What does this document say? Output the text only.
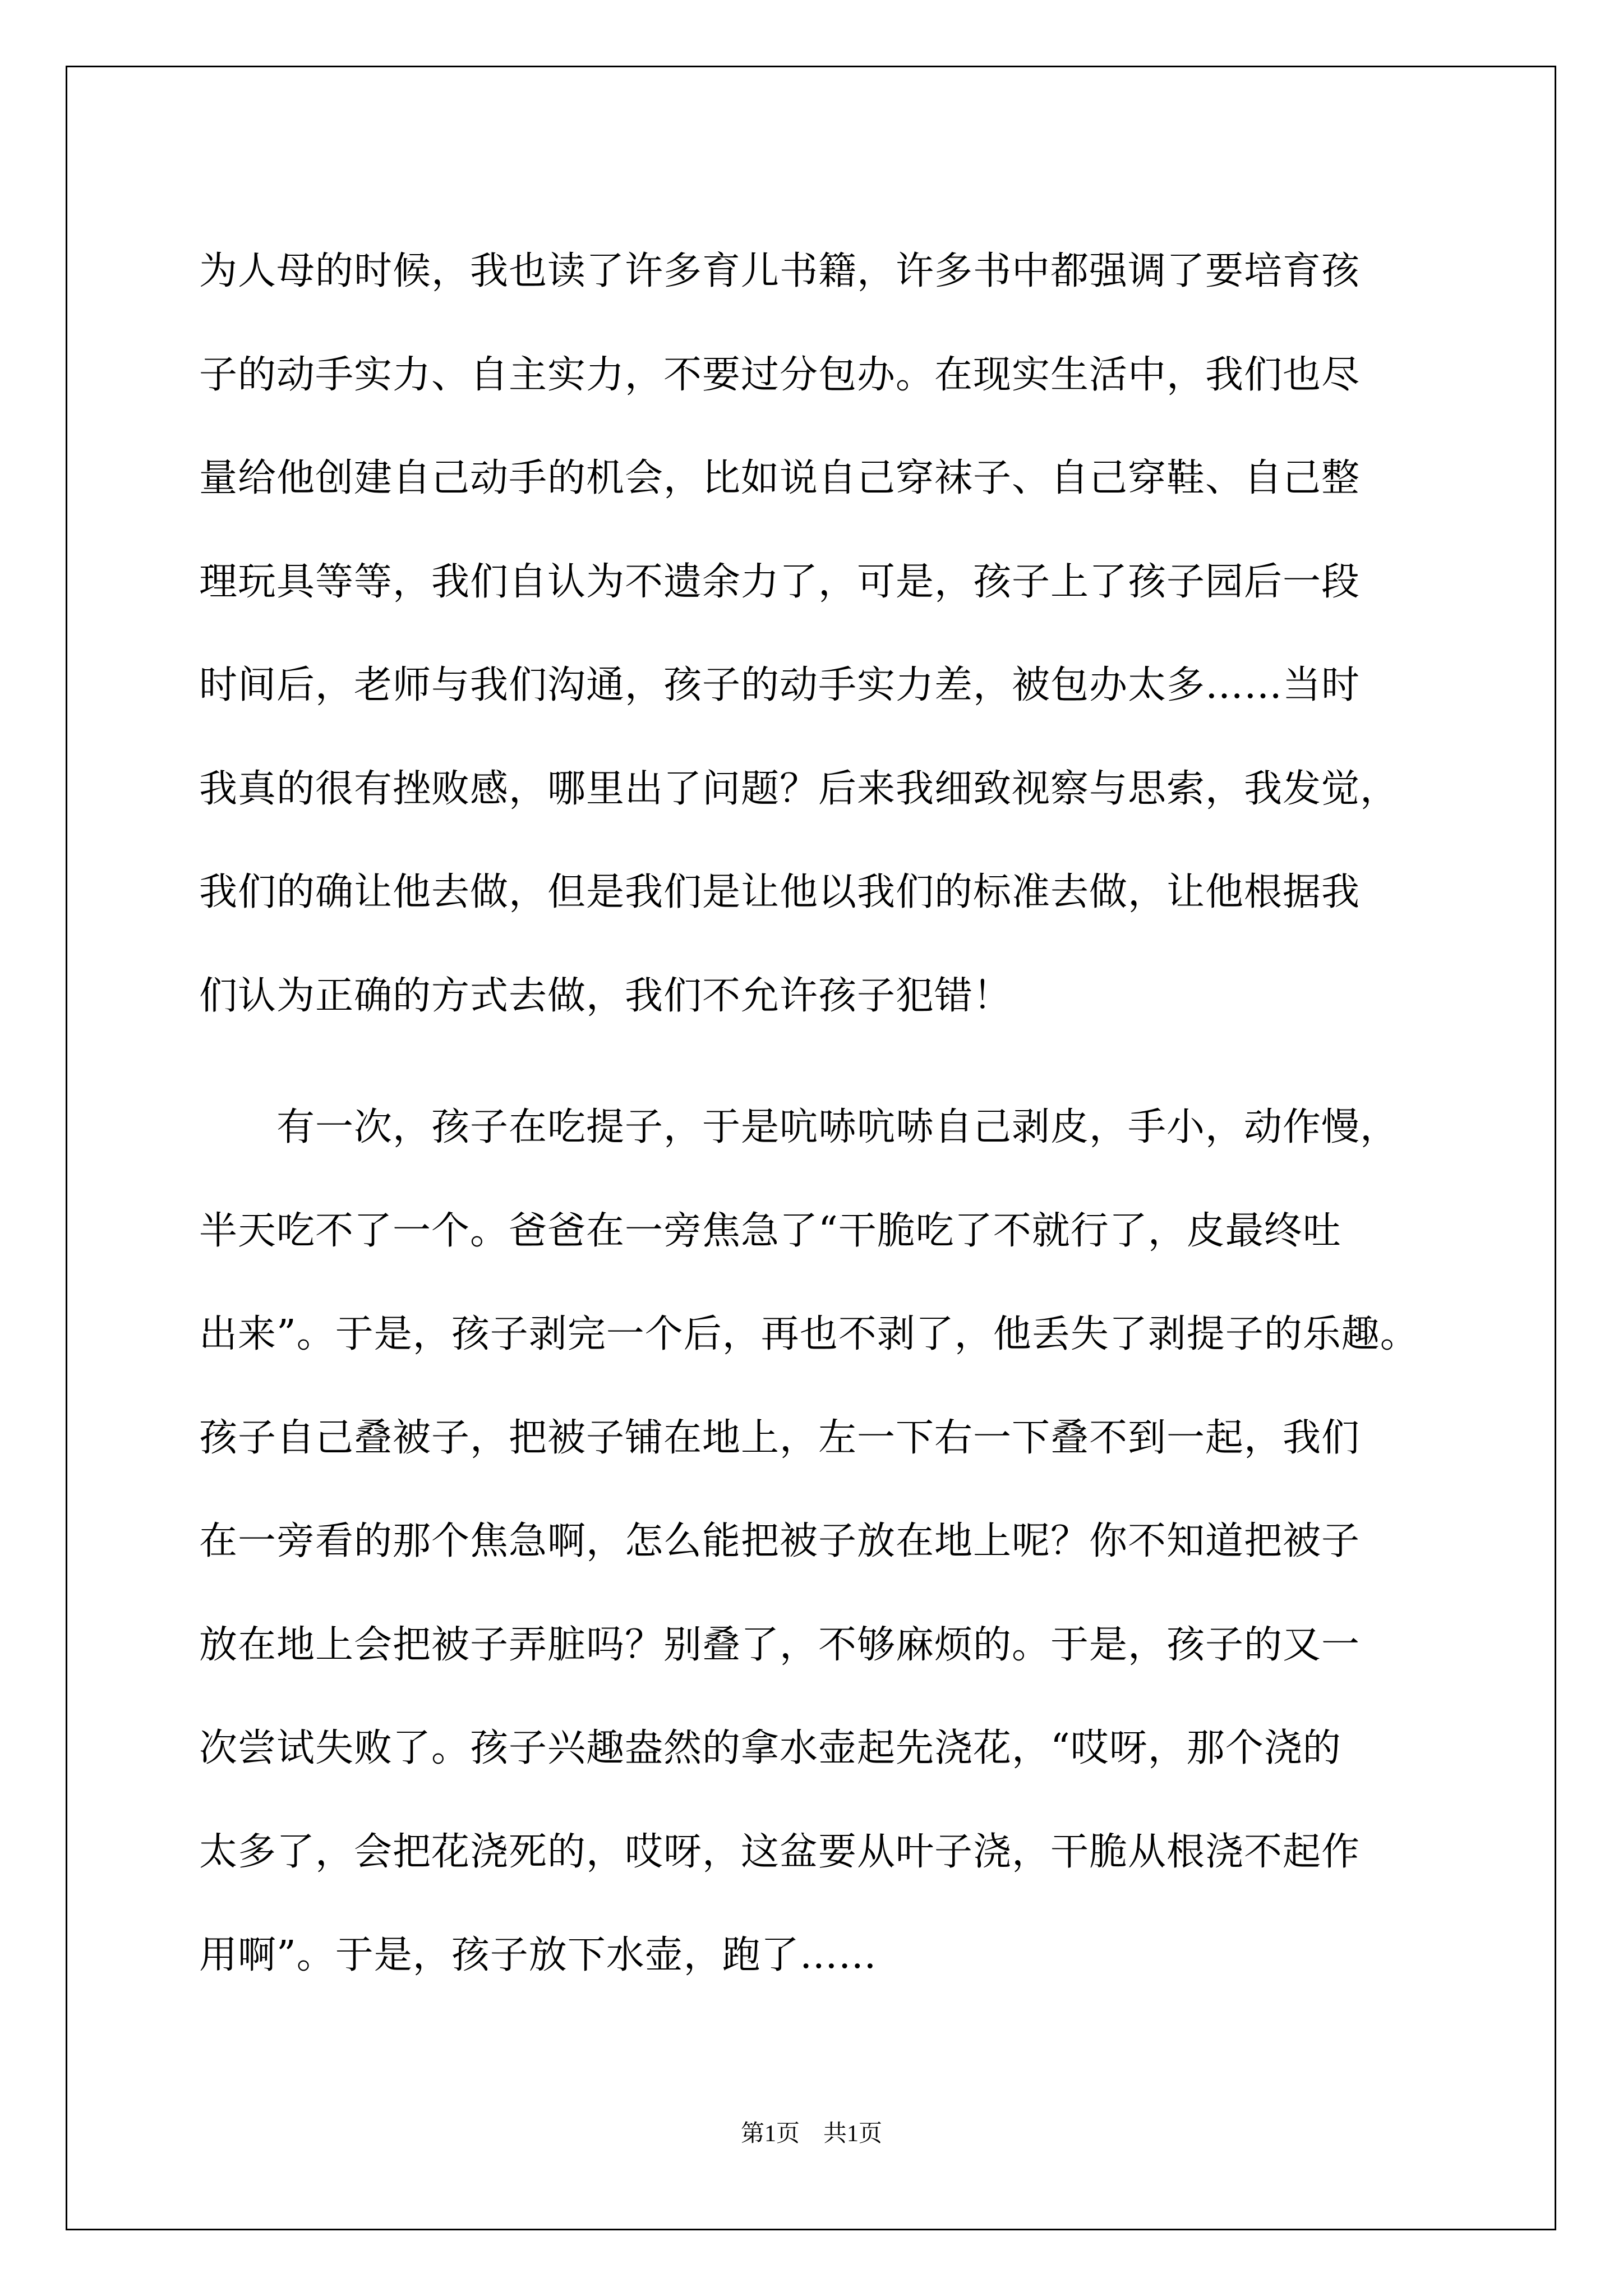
为人母的时候，我也读了许多育儿书籍，许多书中都强调了要培育孩
子的动手实力、自主实力，不要过分包办。在现实生活中，我们也尽
量给他创建自己动手的机会，比如说自己穿袜子、自己穿鞋、自己整
理玩具等等，我们自认为不遗余力了，可是，孩子上了孩子园后一段
时间后，老师与我们沟通，孩子的动手实力差，被包办太多……当时
我真的很有挫败感，哪里出了问题？后来我细致视察与思索，我发觉，
我们的确让他去做，但是我们是让他以我们的标准去做，让他根据我
们认为正确的方式去做，我们不允许孩子犯错！
　　有一次，孩子在吃提子，于是吭哧吭哧自己剥皮，手小，动作慢，
半天吃不了一个。爸爸在一旁焦急了“干脆吃了不就行了，皮最终吐
出来”。于是，孩子剥完一个后，再也不剥了，他丢失了剥提子的乐趣。
孩子自己叠被子，把被子铺在地上，左一下右一下叠不到一起，我们
在一旁看的那个焦急啊，怎么能把被子放在地上呢？你不知道把被子
放在地上会把被子弄脏吗？别叠了，不够麻烦的。于是，孩子的又一
次尝试失败了。孩子兴趣盎然的拿水壶起先浇花，“哎呀，那个浇的
太多了，会把花浇死的，哎呀，这盆要从叶子浇，干脆从根浇不起作
用啊”。于是，孩子放下水壶，跑了……
第1页　共1页
